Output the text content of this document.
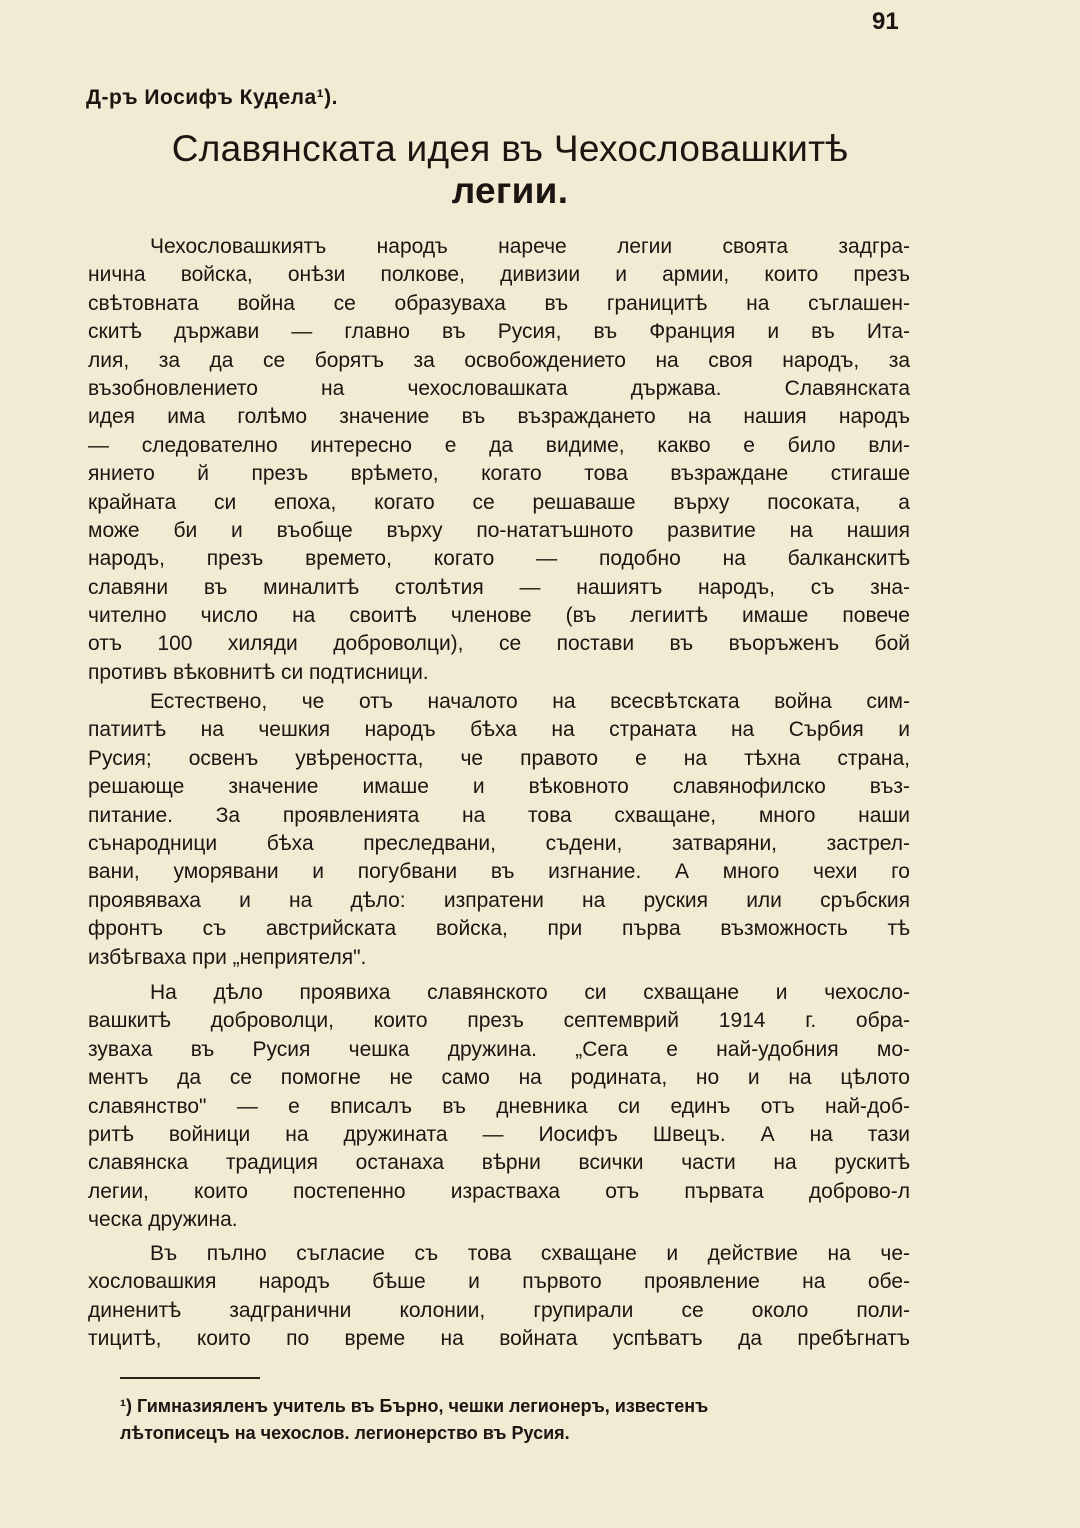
91
Д-ръ Иосифъ Кудела¹).
Славянската идея въ Чехословашкитѣ
легии.
Чехословашкиятъ народъ нарече легии своята задгра-
нична войска, онѣзи полкове, дивизии и армии, които презъ
свѣтовната война се образуваха въ границитѣ на съглашен-
скитѣ държави — главно въ Русия, въ Франция и въ Ита-
лия, за да се борятъ за освобождението на своя народъ, за
възобновлението на чехословашката държава. Славянската
идея има голѣмо значение въ възраждането на нашия народъ
— следователно интересно е да видиме, какво е било вли-
янието й презъ врѣмето, когато това възраждане стигаше
крайната си епоха, когато се решаваше върху посоката, а
може би и въобще върху по-нататъшното развитие на нашия
народъ, презъ времето, когато — подобно на балканскитѣ
славяни въ миналитѣ столѣтия — нашиятъ народъ, съ зна-
чително число на своитѣ членове (въ легиитѣ имаше повече
отъ 100 хиляди доброволци), се постави въ въоръженъ бой
противъ вѣковнитѣ си подтисници.
Естествено, че отъ началото на всесвѣтската война сим-
патиитѣ на чешкия народъ бѣха на страната на Сърбия и
Русия; освенъ увѣреността, че правото е на тѣхна страна,
решающе значение имаше и вѣковното славянофилско въз-
питание. За проявленията на това схващане, много наши
сънародници бѣха преследвани, съдени, затваряни, застрел-
вани, уморявани и погубвани въ изгнание. А много чехи го
проявяваха и на дѣло: изпратени на руския или сръбския
фронтъ съ австрийската войска, при първа възможность тѣ
избѣгваха при „неприятеля".
На дѣло проявиха славянското си схващане и чехосло-
вашкитѣ доброволци, които презъ септемврий 1914 г. обра-
зуваха въ Русия чешка дружина. „Сега е най-удобния мо-
ментъ да се помогне не само на родината, но и на цѣлото
славянство" — е вписалъ въ дневника си единъ отъ най-доб-
ритѣ войници на дружината — Иосифъ Швецъ. А на тази
славянска традиция останаха вѣрни всички части на рускитѣ
легии, които постепенно израстваха отъ първата доброво-л
ческа дружина.
Въ пълно съгласие съ това схващане и действие на че-
хословашкия народъ бѣше и първото проявление на обе-
диненитѣ задгранични колонии, групирали се около поли-
тицитѣ, които по време на войната успѣватъ да пребѣгнатъ
¹) Гимназияленъ учитель въ Бърно, чешки легионеръ, известенъ
лѣтописецъ на чехослов. легионерство въ Русия.
